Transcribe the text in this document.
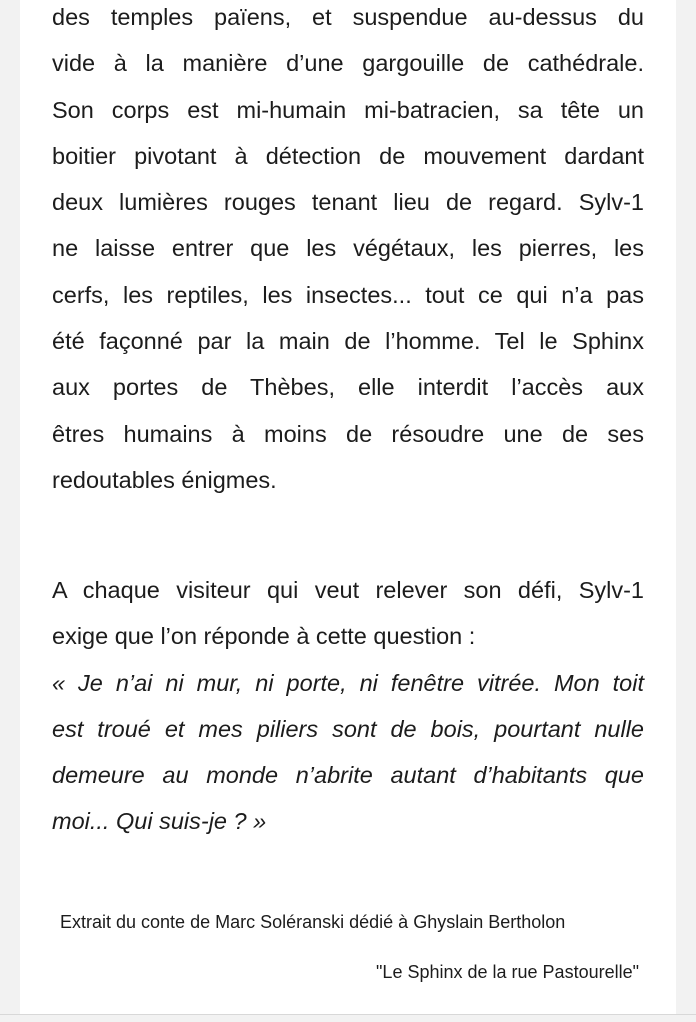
des temples païens, et suspendue au-dessus du
vide à la manière d’une gargouille de cathédrale.
Son corps est mi-humain mi-batracien, sa tête un
boitier pivotant à détection de mouvement dardant
deux lumières rouges tenant lieu de regard. Sylv-1
ne laisse entrer que les végétaux, les pierres, les
cerfs, les reptiles, les insectes... tout ce qui n’a pas
été façonné par la main de l’homme. Tel le Sphinx
aux portes de Thèbes, elle interdit l’accès aux
êtres humains à moins de résoudre une de ses
redoutables énigmes.
A chaque visiteur qui veut relever son défi, Sylv-1
exige que l’on réponde à cette question :
« Je n’ai ni mur, ni porte, ni fenêtre vitrée. Mon toit
est troué et mes piliers sont de bois, pourtant nulle
demeure au monde n’abrite autant d’habitants que
moi... Qui suis-je ? »
Extrait du conte de Marc Soléranski dédié à Ghyslain Bertholon
"Le Sphinx de la rue Pastourelle"
